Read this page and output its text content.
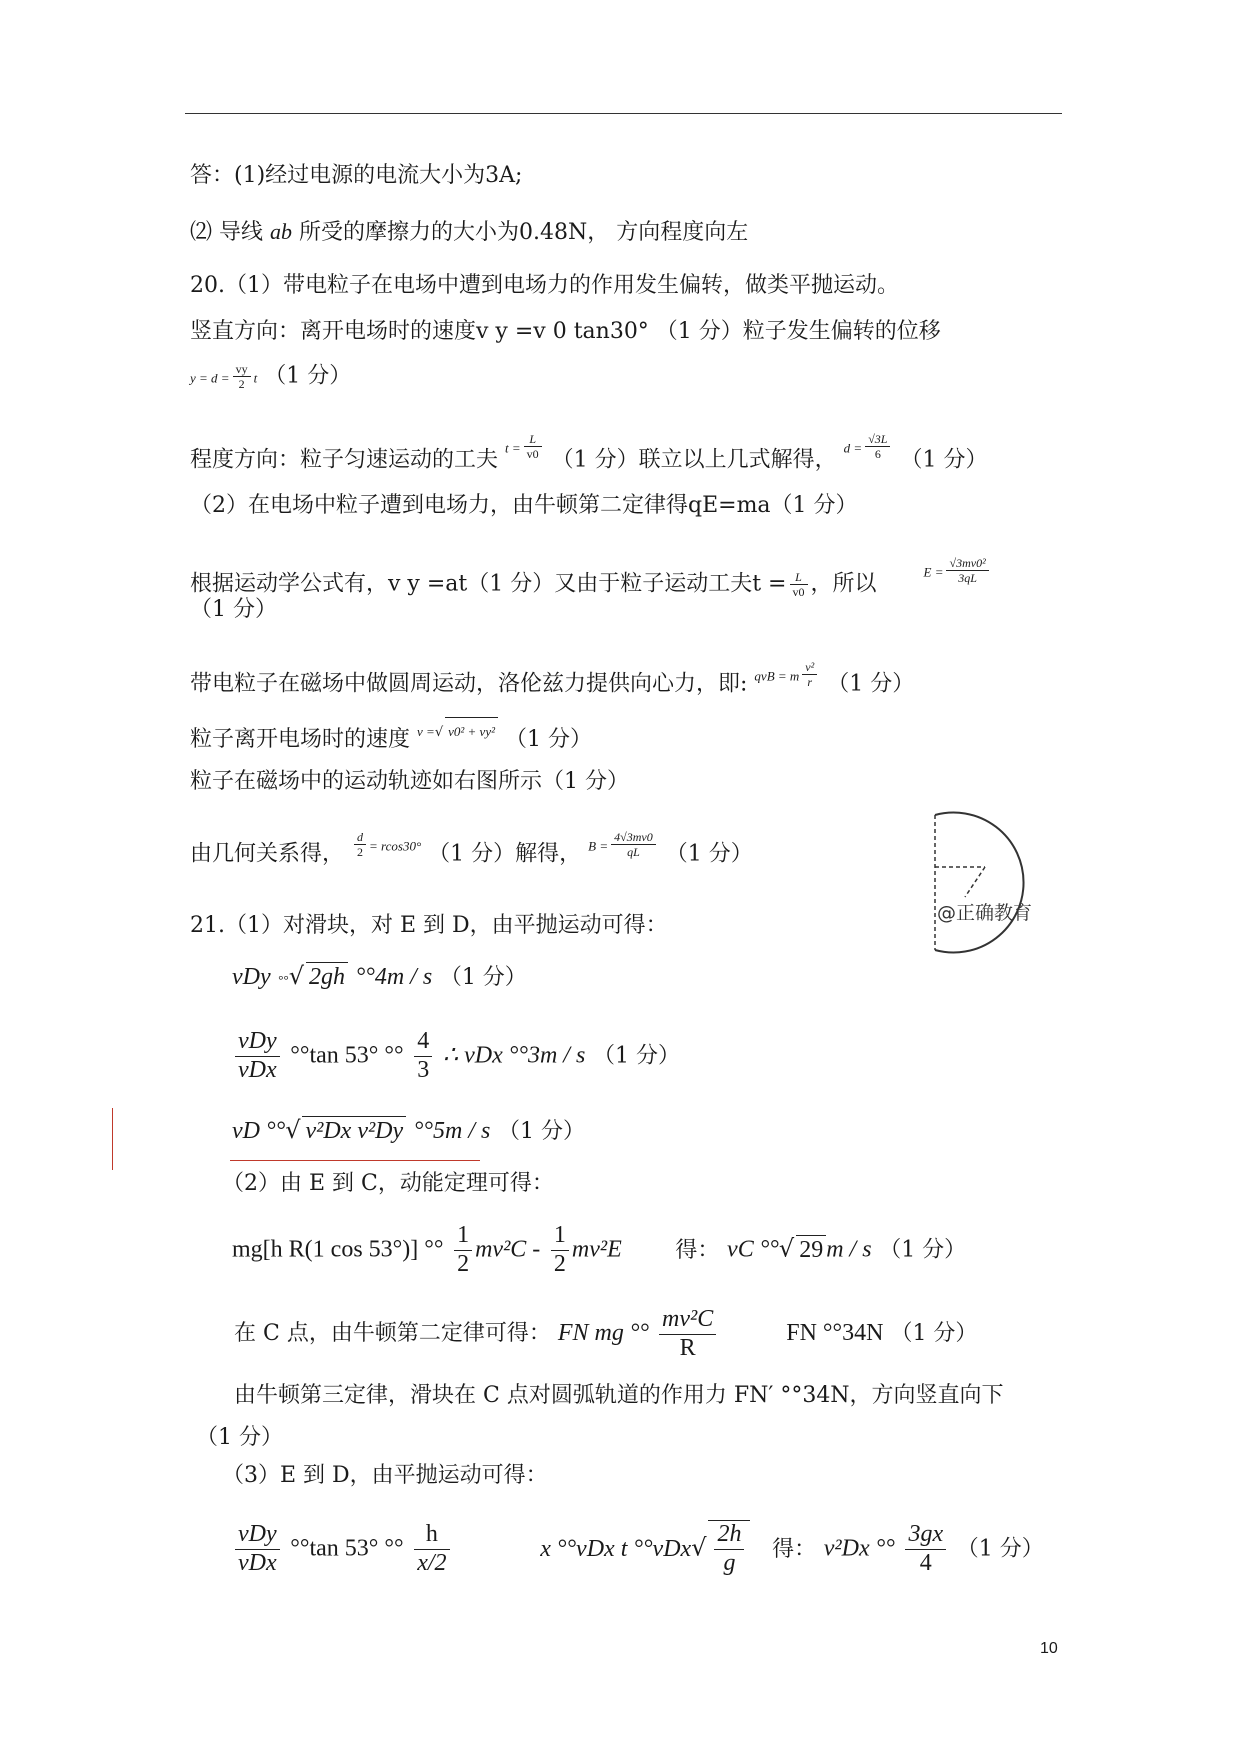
答：(1)经过电源的电流大小为3A;
⑵ 导线 ab 所受的摩擦力的大小为0.48N， 方向程度向左
20.（1）带电粒子在电场中遭到电场力的作用发生偏转，做类平抛运动。
竖直方向：离开电场时的速度v y =v 0 tan30° （1 分）粒子发生偏转的位移
$y = d = \frac{vy}{2}$ t （1 分）
程度方向：粒子匀速运动的工夫 $t = \frac{L}{v0} (1$ 分）联立以上几式解得， $d = \frac{√3L}{6} (1$ 分）
（2）在电场中粒子遭到电场力，由牛顿第二定律得qE=ma（1 分）
根据运动学公式有，v y =at（1 分）又由于粒子运动工夫$t = \frac{L}{v0}$ ，所以	$E = \frac{\text{√3mv0²}}{3qL}$
（1 分）
带电粒子在磁场中做圆周运动，洛伦兹力提供向心力，即: qvB = m $\frac{\text{v²}}{r} (1$ 分）
粒子离开电场时的速度 v =√ v0² + vy² （1 分）
粒子在磁场中的运动轨迹如右图所示（1 分）
由几何关系得， $\frac{d}{2} = rcos30^\circ$ （1 分）解得， $B = \frac{4√3mv0}{qL} (1$ 分）
@正确教育
21.（1）对滑块，对 E 到 D，由平抛运动可得：
vDy °°√ 2gh °°4m / s （1 分）
$\frac{\text{vDy}}{\text{vDx}} ^\circ^\circ\tan$ 53° °° $\frac{4}{3}$ ∴ vDx °°3m / s （1 分）
vD °°√ v²Dx v²Dy °°5m / s （1 分）
（2）由 E 到 C，动能定理可得：
mg[h R(1 cos 53°)] °° $\frac{1}{2} mv^2C - \frac{1}{2} mv^2E$ 得： vC °°√ 29 m / s （1 分）
在 C 点，由牛顿第二定律可得： FN mg °° $\frac{\text{mv²C}}{R}$	FN °°34N （1 分）
由牛顿第三定律，滑块在 C 点对圆弧轨道的作用力 FN′ °°34N，方向竖直向下
（1 分）
（3）E 到 D，由平抛运动可得：
$\frac{\text{vDy}}{\text{vDx}} ^\circ^\circ\tan$ 53° °° $\frac{h}{x/2}$	x °°vDx t $^\circ^\circ vDx√ \frac{2h}{g}$ 得： v²Dx °° $\frac{3gx}{4} (1$ 分）
10
